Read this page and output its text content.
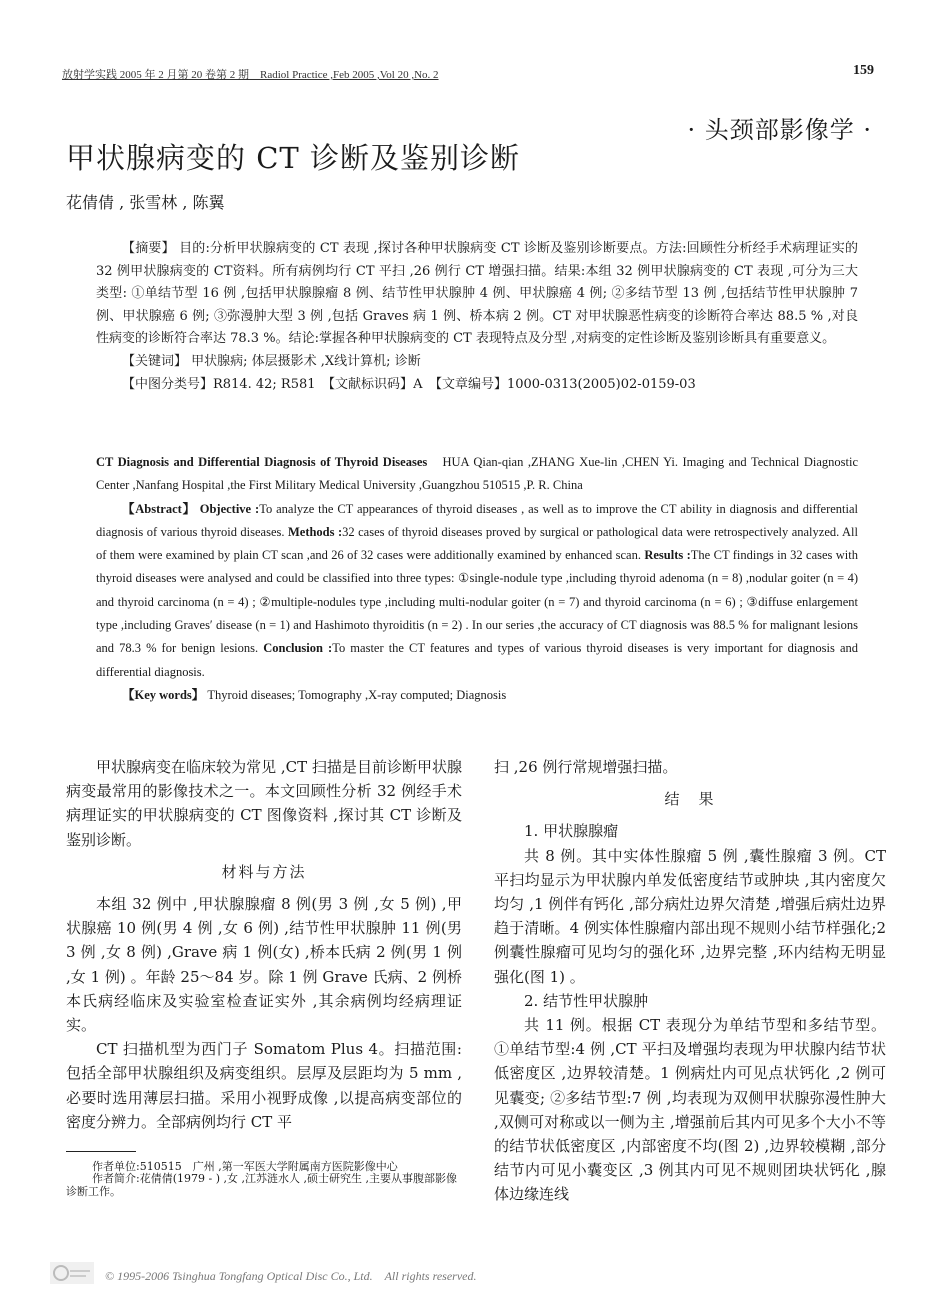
放射学实践 2005 年 2 月第 20 卷第 2 期　Radiol Practice ,Feb 2005 ,Vol 20 ,No. 2	159
· 头颈部影像学 ·
甲状腺病变的 CT 诊断及鉴别诊断
花倩倩 , 张雪林 , 陈翼

【摘要】 目的:分析甲状腺病变的 CT 表现 ,探讨各种甲状腺病变 CT 诊断及鉴别诊断要点。方法:回顾性分析经手术病理证实的 32 例甲状腺病变的 CT资料。所有病例均行 CT 平扫 ,26 例行 CT 增强扫描。结果:本组 32 例甲状腺病变的 CT 表现 ,可分为三大类型: ①单结节型 16 例 ,包括甲状腺腺瘤 8 例、结节性甲状腺肿 4 例、甲状腺癌 4 例; ②多结节型 13 例 ,包括结节性甲状腺肿 7 例、甲状腺癌 6 例; ③弥漫肿大型 3 例 ,包括 Graves 病 1 例、桥本病 2 例。CT 对甲状腺恶性病变的诊断符合率达 88.5 % ,对良性病变的诊断符合率达 78.3 %。结论:掌握各种甲状腺病变的 CT 表现特点及分型 ,对病变的定性诊断及鉴别诊断具有重要意义。

【关键词】 甲状腺病; 体层摄影术 ,X线计算机; 诊断

【中图分类号】R814. 42; R581　【文献标识码】A　【文章编号】1000-0313(2005)02-0159-03

CT Diagnosis and Differential Diagnosis of Thyroid Diseases　HUA Qian-qian ,ZHANG Xue-lin ,CHEN Yi. Imaging and Technical Diagnostic Center ,Nanfang Hospital ,the First Military Medical University ,Guangzhou 510515 ,P. R. China

【Abstract】 Objective :To analyze the CT appearances of thyroid diseases , as well as to improve the CT ability in diagnosis and differential diagnosis of various thyroid diseases. Methods :32 cases of thyroid diseases proved by surgical or pathological data were retrospectively analyzed. All of them were examined by plain CT scan ,and 26 of 32 cases were additionally examined by enhanced scan. Results :The CT findings in 32 cases with thyroid diseases were analysed and could be classified into three types: ①single-nodule type ,including thyroid adenoma (n = 8) ,nodular goiter (n = 4) and thyroid carcinoma (n = 4) ; ②multiple-nodules type ,including multi-nodular goiter (n = 7) and thyroid carcinoma (n = 6) ; ③diffuse enlargement type ,including Graves′ disease (n = 1) and Hashimoto thyroiditis (n = 2) . In our series ,the accuracy of CT diagnosis was 88.5 % for malignant lesions and 78.3 % for benign lesions. Conclusion :To master the CT features and types of various thyroid diseases is very important for diagnosis and differential diagnosis.

【Key words】 Thyroid diseases; Tomography ,X-ray computed; Diagnosis

甲状腺病变在临床较为常见 ,CT 扫描是目前诊断甲状腺病变最常用的影像技术之一。本文回顾性分析 32 例经手术病理证实的甲状腺病变的 CT 图像资料 ,探讨其 CT 诊断及鉴别诊断。

材料与方法

本组 32 例中 ,甲状腺腺瘤 8 例(男 3 例 ,女 5 例) ,甲状腺癌 10 例(男 4 例 ,女 6 例) ,结节性甲状腺肿 11 例(男 3 例 ,女 8 例) ,Grave 病 1 例(女) ,桥本氏病 2 例(男 1 例 ,女 1 例) 。年龄 25～84 岁。除 1 例 Grave 氏病、2 例桥本氏病经临床及实验室检查证实外 ,其余病例均经病理证实。

CT 扫描机型为西门子 Somatom Plus 4。扫描范围:包括全部甲状腺组织及病变组织。层厚及层距均为 5 mm ,必要时选用薄层扫描。采用小视野成像 ,以提高病变部位的密度分辨力。全部病例均行 CT 平

扫 ,26 例行常规增强扫描。

结　果

1. 甲状腺腺瘤

共 8 例。其中实体性腺瘤 5 例 ,囊性腺瘤 3 例。CT 平扫均显示为甲状腺内单发低密度结节或肿块 ,其内密度欠均匀 ,1 例伴有钙化 ,部分病灶边界欠清楚 ,增强后病灶边界趋于清晰。4 例实体性腺瘤内部出现不规则小结节样强化;2 例囊性腺瘤可见均匀的强化环 ,边界完整 ,环内结构无明显强化(图 1) 。

2. 结节性甲状腺肿

共 11 例。根据 CT 表现分为单结节型和多结节型。 ①单结节型:4 例 ,CT 平扫及增强均表现为甲状腺内结节状低密度区 ,边界较清楚。1 例病灶内可见点状钙化 ,2 例可见囊变; ②多结节型:7 例 ,均表现为双侧甲状腺弥漫性肿大 ,双侧可对称或以一侧为主 ,增强前后其内可见多个大小不等的结节状低密度区 ,内部密度不均(图 2) ,边界较模糊 ,部分结节内可见小囊变区 ,3 例其内可见不规则团块状钙化 ,腺体边缘连线

作者单位:510515　广州 ,第一军医大学附属南方医院影像中心

作者简介:花倩倩(1979 - ) ,女 ,江苏涟水人 ,硕士研究生 ,主要从事腹部影像诊断工作。

© 1995-2006 Tsinghua Tongfang Optical Disc Co., Ltd.　All rights reserved.
